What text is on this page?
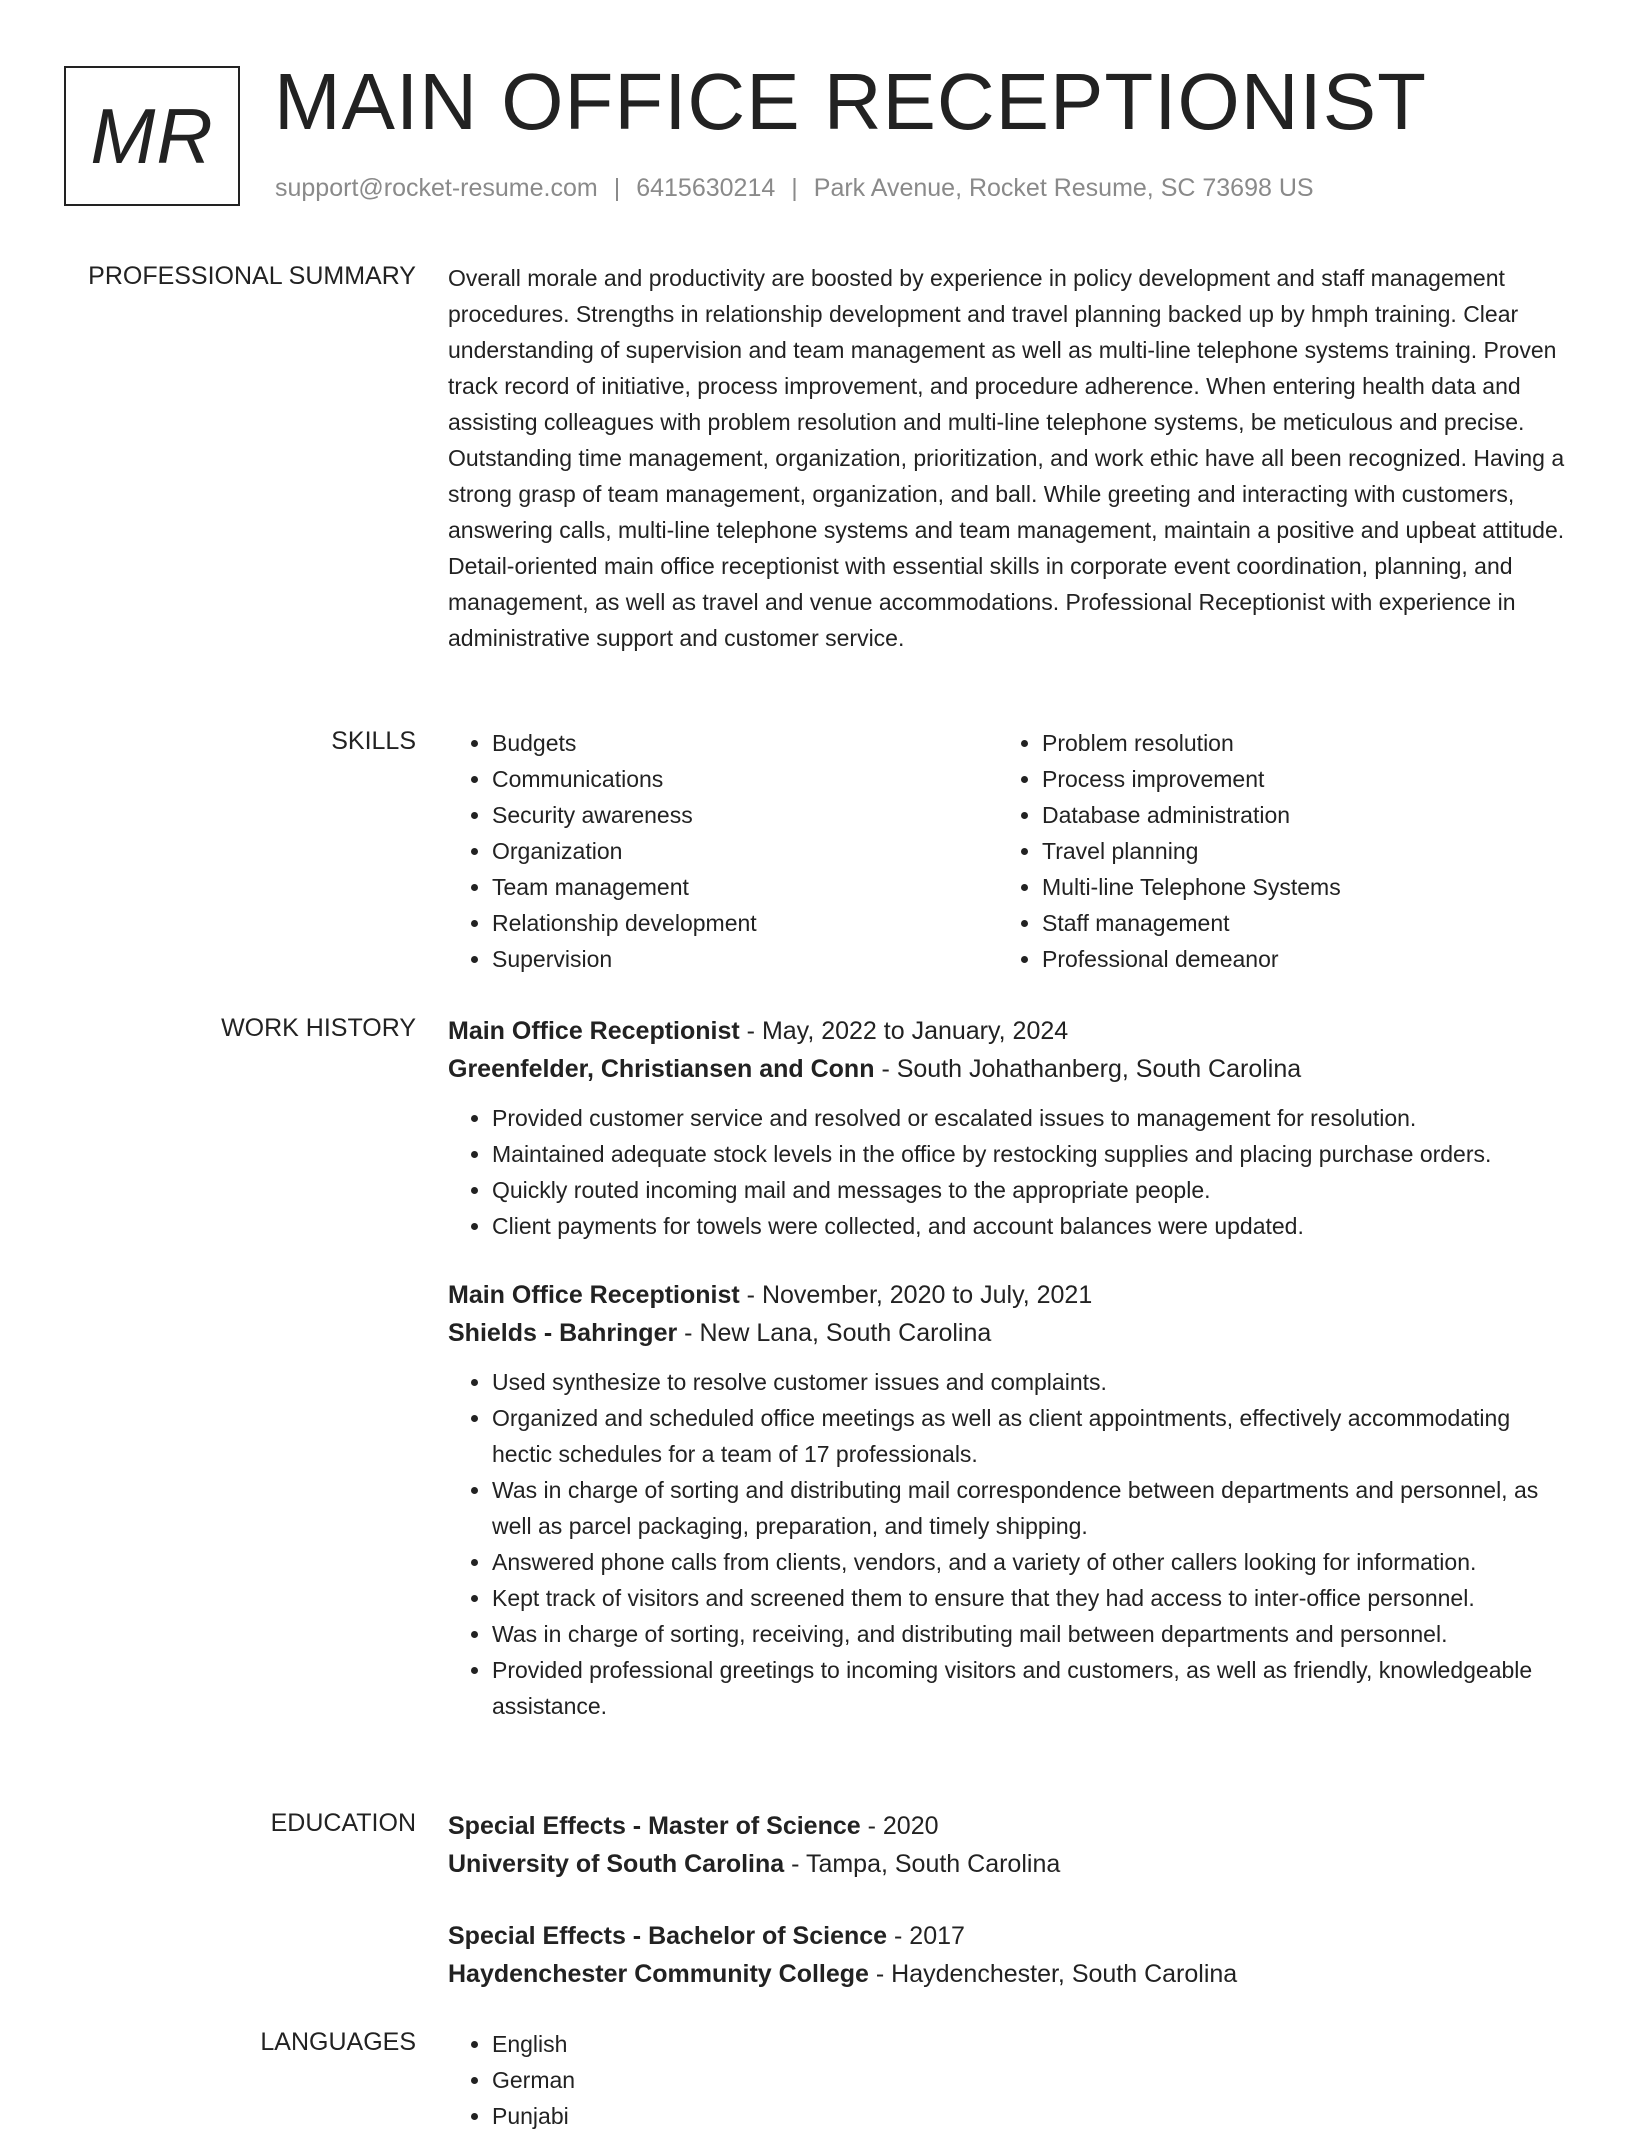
MR MAIN OFFICE RECEPTIONIST
support@rocket-resume.com | 6415630214 | Park Avenue, Rocket Resume, SC 73698 US
PROFESSIONAL SUMMARY Overall morale and productivity are boosted by experience in policy development and staff management procedures. Strengths in relationship development and travel planning backed up by hmph training. Clear understanding of supervision and team management as well as multi-line telephone systems training. Proven track record of initiative, process improvement, and procedure adherence. When entering health data and assisting colleagues with problem resolution and multi-line telephone systems, be meticulous and precise. Outstanding time management, organization, prioritization, and work ethic have all been recognized. Having a strong grasp of team management, organization, and ball. While greeting and interacting with customers, answering calls, multi-line telephone systems and team management, maintain a positive and upbeat attitude. Detail-oriented main office receptionist with essential skills in corporate event coordination, planning, and management, as well as travel and venue accommodations. Professional Receptionist with experience in administrative support and customer service.

SKILLS	• Budgets
• Communications
• Security awareness
• Organization
• Team management
• Relationship development
• Supervision
• Problem resolution
• Process improvement
• Database administration
• Travel planning
• Multi-line Telephone Systems
• Staff management
• Professional demeanor
WORK HISTORY Main Office Receptionist - May, 2022 to January, 2024
Greenfelder, Christiansen and Conn - South Johathanberg, South Carolina
• Provided customer service and resolved or escalated issues to management for resolution.
• Maintained adequate stock levels in the office by restocking supplies and placing purchase orders.
• Quickly routed incoming mail and messages to the appropriate people.
• Client payments for towels were collected, and account balances were updated.
Main Office Receptionist - November, 2020 to July, 2021
Shields - Bahringer - New Lana, South Carolina
• Used synthesize to resolve customer issues and complaints.
• Organized and scheduled office meetings as well as client appointments, effectively accommodating hectic schedules for a team of 17 professionals.
• Was in charge of sorting and distributing mail correspondence between departments and personnel, as well as parcel packaging, preparation, and timely shipping.
• Answered phone calls from clients, vendors, and a variety of other callers looking for information.
• Kept track of visitors and screened them to ensure that they had access to inter-office personnel.
• Was in charge of sorting, receiving, and distributing mail between departments and personnel.
• Provided professional greetings to incoming visitors and customers, as well as friendly, knowledgeable assistance.
EDUCATION Special Effects - Master of Science - 2020
University of South Carolina - Tampa, South Carolina
Special Effects - Bachelor of Science - 2017
Haydenchester Community College - Haydenchester, South Carolina
LANGUAGES	• English
• German
• Punjabi
